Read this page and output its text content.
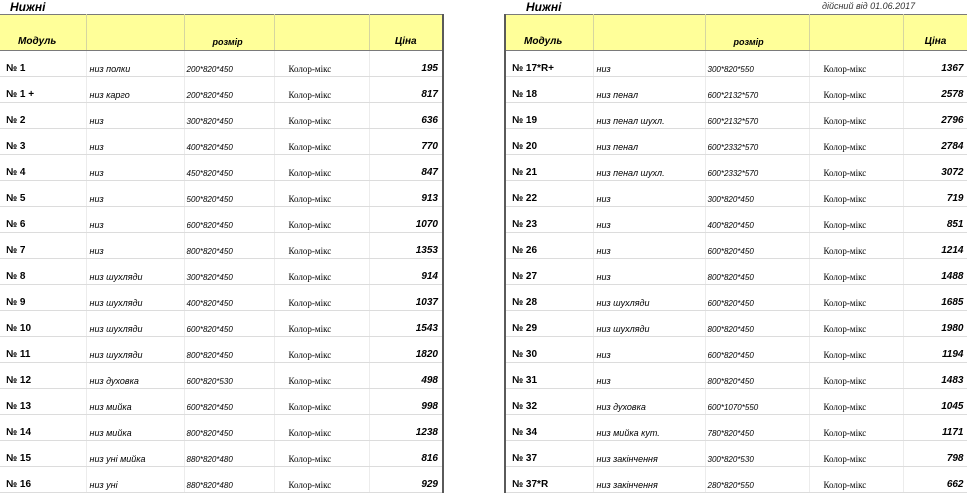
Нижні
Модуль		розмір		Ціна
№ 1	низ полки	200*820*450	Колор-мікс	195
№ 1 +	низ карго	200*820*450	Колор-мікс	817
№ 2	низ	300*820*450	Колор-мікс	636
№ 3	низ	400*820*450	Колор-мікс	770
№ 4	низ	450*820*450	Колор-мікс	847
№ 5	низ	500*820*450	Колор-мікс	913
№ 6	низ	600*820*450	Колор-мікс	1070
№ 7	низ	800*820*450	Колор-мікс	1353
№ 8	низ шухляди	300*820*450	Колор-мікс	914
№ 9	низ шухляди	400*820*450	Колор-мікс	1037
№ 10	низ шухляди	600*820*450	Колор-мікс	1543
№ 11	низ шухляди	800*820*450	Колор-мікс	1820
№ 12	низ духовка	600*820*530	Колор-мікс	498
№ 13	низ мийка	600*820*450	Колор-мікс	998
№ 14	низ мийка	800*820*450	Колор-мікс	1238
№ 15	низ уні мийка	880*820*480	Колор-мікс	816
№ 16	низ уні	880*820*480	Колор-мікс	929
Нижні	дійсний від 01.06.2017
Модуль		розмір		Ціна
№ 17*R+	низ	300*820*550	Колор-мікс	1367
№ 18	низ пенал	600*2132*570	Колор-мікс	2578
№ 19	низ пенал шухл.	600*2132*570	Колор-мікс	2796
№ 20	низ пенал	600*2332*570	Колор-мікс	2784
№ 21	низ пенал шухл.	600*2332*570	Колор-мікс	3072
№ 22	низ	300*820*450	Колор-мікс	719
№ 23	низ	400*820*450	Колор-мікс	851
№ 26	низ	600*820*450	Колор-мікс	1214
№ 27	низ	800*820*450	Колор-мікс	1488
№ 28	низ шухляди	600*820*450	Колор-мікс	1685
№ 29	низ шухляди	800*820*450	Колор-мікс	1980
№ 30	низ	600*820*450	Колор-мікс	1194
№ 31	низ	800*820*450	Колор-мікс	1483
№ 32	низ духовка	600*1070*550	Колор-мікс	1045
№ 34	низ мийка кут.	780*820*450	Колор-мікс	1171
№ 37	низ закінчення	300*820*530	Колор-мікс	798
№ 37*R	низ закінчення	280*820*550	Колор-мікс	662
